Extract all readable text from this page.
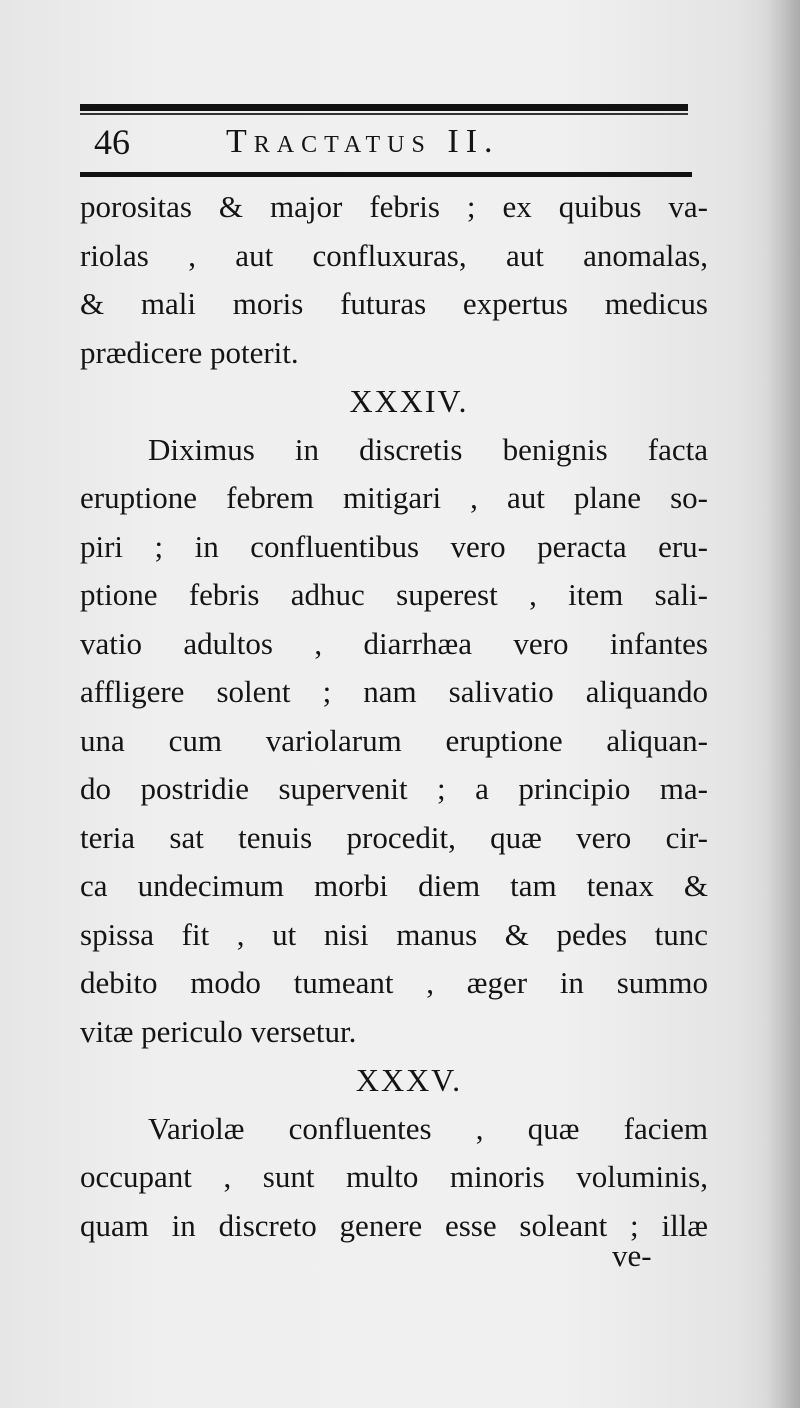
46	Tractatus II.
porositas & major febris ; ex quibus va-
riolas , aut confluxuras, aut anomalas,
& mali moris futuras expertus medicus
prædicere poterit.
XXXIV.
Diximus in discretis benignis facta
eruptione febrem mitigari , aut plane so-
piri ; in confluentibus vero peracta eru-
ptione febris adhuc superest , item sali-
vatio adultos , diarrhæa vero infantes
affligere solent ; nam salivatio aliquando
una cum variolarum eruptione aliquan-
do postridie supervenit ; a principio ma-
teria sat tenuis procedit, quæ vero cir-
ca undecimum morbi diem tam tenax &
spissa fit , ut nisi manus & pedes tunc
debito modo tumeant , æger in summo
vitæ periculo versetur.
XXXV.
Variolæ confluentes , quæ faciem
occupant , sunt multo minoris voluminis,
quam in discreto genere esse soleant ; illæ
ve-
